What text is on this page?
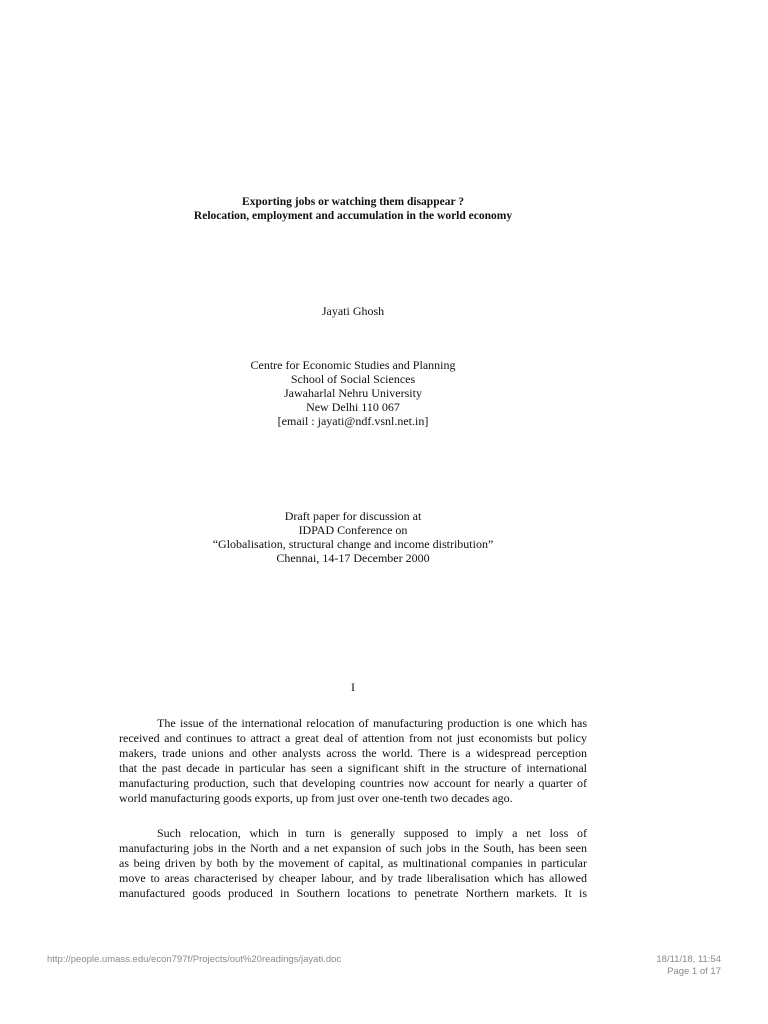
Exporting jobs or watching them disappear ?
Relocation, employment and accumulation in the world economy
Jayati Ghosh
Centre for Economic Studies and Planning
School of Social Sciences
Jawaharlal Nehru University
New Delhi 110 067
[email : jayati@ndf.vsnl.net.in]
Draft paper for discussion at
IDPAD Conference on
“Globalisation, structural change and income distribution”
Chennai, 14-17 December 2000
I
The issue of the international relocation of manufacturing production is one which has
received and continues to attract a great deal of attention from not just economists but policy
makers, trade unions and other analysts across the world. There is a widespread perception
that the past decade in particular has seen a significant shift in the structure of international
manufacturing production, such that developing countries now account for nearly a quarter of
world manufacturing goods exports, up from just over one-tenth two decades ago.
Such relocation, which in turn is generally supposed to imply a net loss of
manufacturing jobs in the North and a net expansion of such jobs in the South, has been seen
as being driven by both by the movement of capital, as multinational companies in particular
move to areas characterised by cheaper labour, and by trade liberalisation which has allowed
manufactured goods produced in Southern locations to penetrate Northern markets. It is
http://people.umass.edu/econ797f/Projects/out%20readings/jayati.doc	18/11/18, 11:54
Page 1 of 17
